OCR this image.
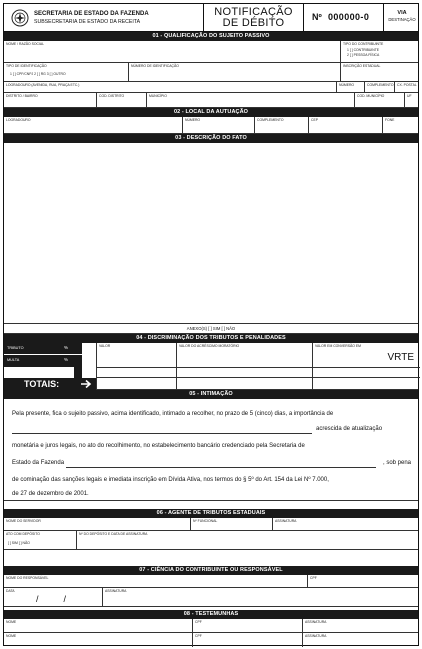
SECRETARIA DE ESTADO DA FAZENDA
SUBSECRETARIA DE ESTADO DA RECEITA
NOTIFICAÇÃO
DE DÉBITO	Nº 000000-0	VIA
DESTINAÇÃO
01 - QUALIFICAÇÃO DO SUJEITO PASSIVO
NOME / RAZÃO SOCIAL	TIPO DO CONTRIBUINTE
1 [ ] CONTRIBUINTE
2 [ ] PESSOA FÍSICA
TIPO DE IDENTIFICAÇÃO
1 [ ] CPF/CNPJ 2 [ ] RG 3 [ ] OUTRO
NÚMERO DE IDENTIFICAÇÃO	INSCRIÇÃO ESTADUAL
LOGRADOURO (AVENIDA, RUA, PRAÇA ETC.)	NÚMERO	COMPLEMENTO CX. POSTAL
DISTRITO / BAIRRO	COD. DISTRITO	MUNICÍPIO	COD. MUNICÍPIO	UF
02 - LOCAL DA AUTUAÇÃO
LOGRADOURO	NÚMERO	COMPLEMENTO	CEP	FONE
03 - DESCRIÇÃO DO FATO
ANEXO(S) [ ] SIM [ ] NÃO
04 - DISCRIMINAÇÃO DOS TRIBUTOS E PENALIDADES
TRIBUTO	%
MULTA	%
VALOR	VALOR DO ACRÉSCIMO MORATÓRIO	VALOR EM CONVERSÃO EM
VRTE
TOTAIS:
05 - INTIMAÇÃO
Pela presente, fica o sujeito passivo, acima identificado, intimado a recolher, no prazo de 5 (cinco) dias, a importância de
acrescida de atualização
monetária e juros legais, no ato do recolhimento, no estabelecimento bancário credenciado pela Secretaria de
Estado da Fazenda	, sob pena
de cominação das sanções legais e imediata inscrição em Dívida Ativa, nos termos do § 5º do Art. 154 da Lei Nº 7.000,
de 27 de dezembro de 2001.
06 - AGENTE DE TRIBUTOS ESTADUAIS
NOME DO SERVIDOR	Nº FUNCIONAL	ASSINATURA
ATO COM DEPÓSITO
[ ] SIM [ ] NÃO
Nº DO DEPÓSITO E DATA DE ASSINATURA
07 - CIÊNCIA DO CONTRIBUINTE OU RESPONSÁVEL
NOME DO RESPONSÁVEL	CPF
DATA
/          /
ASSINATURA
08 - TESTEMUNHAS
NOME	CPF	ASSINATURA
NOME	CPF	ASSINATURA
